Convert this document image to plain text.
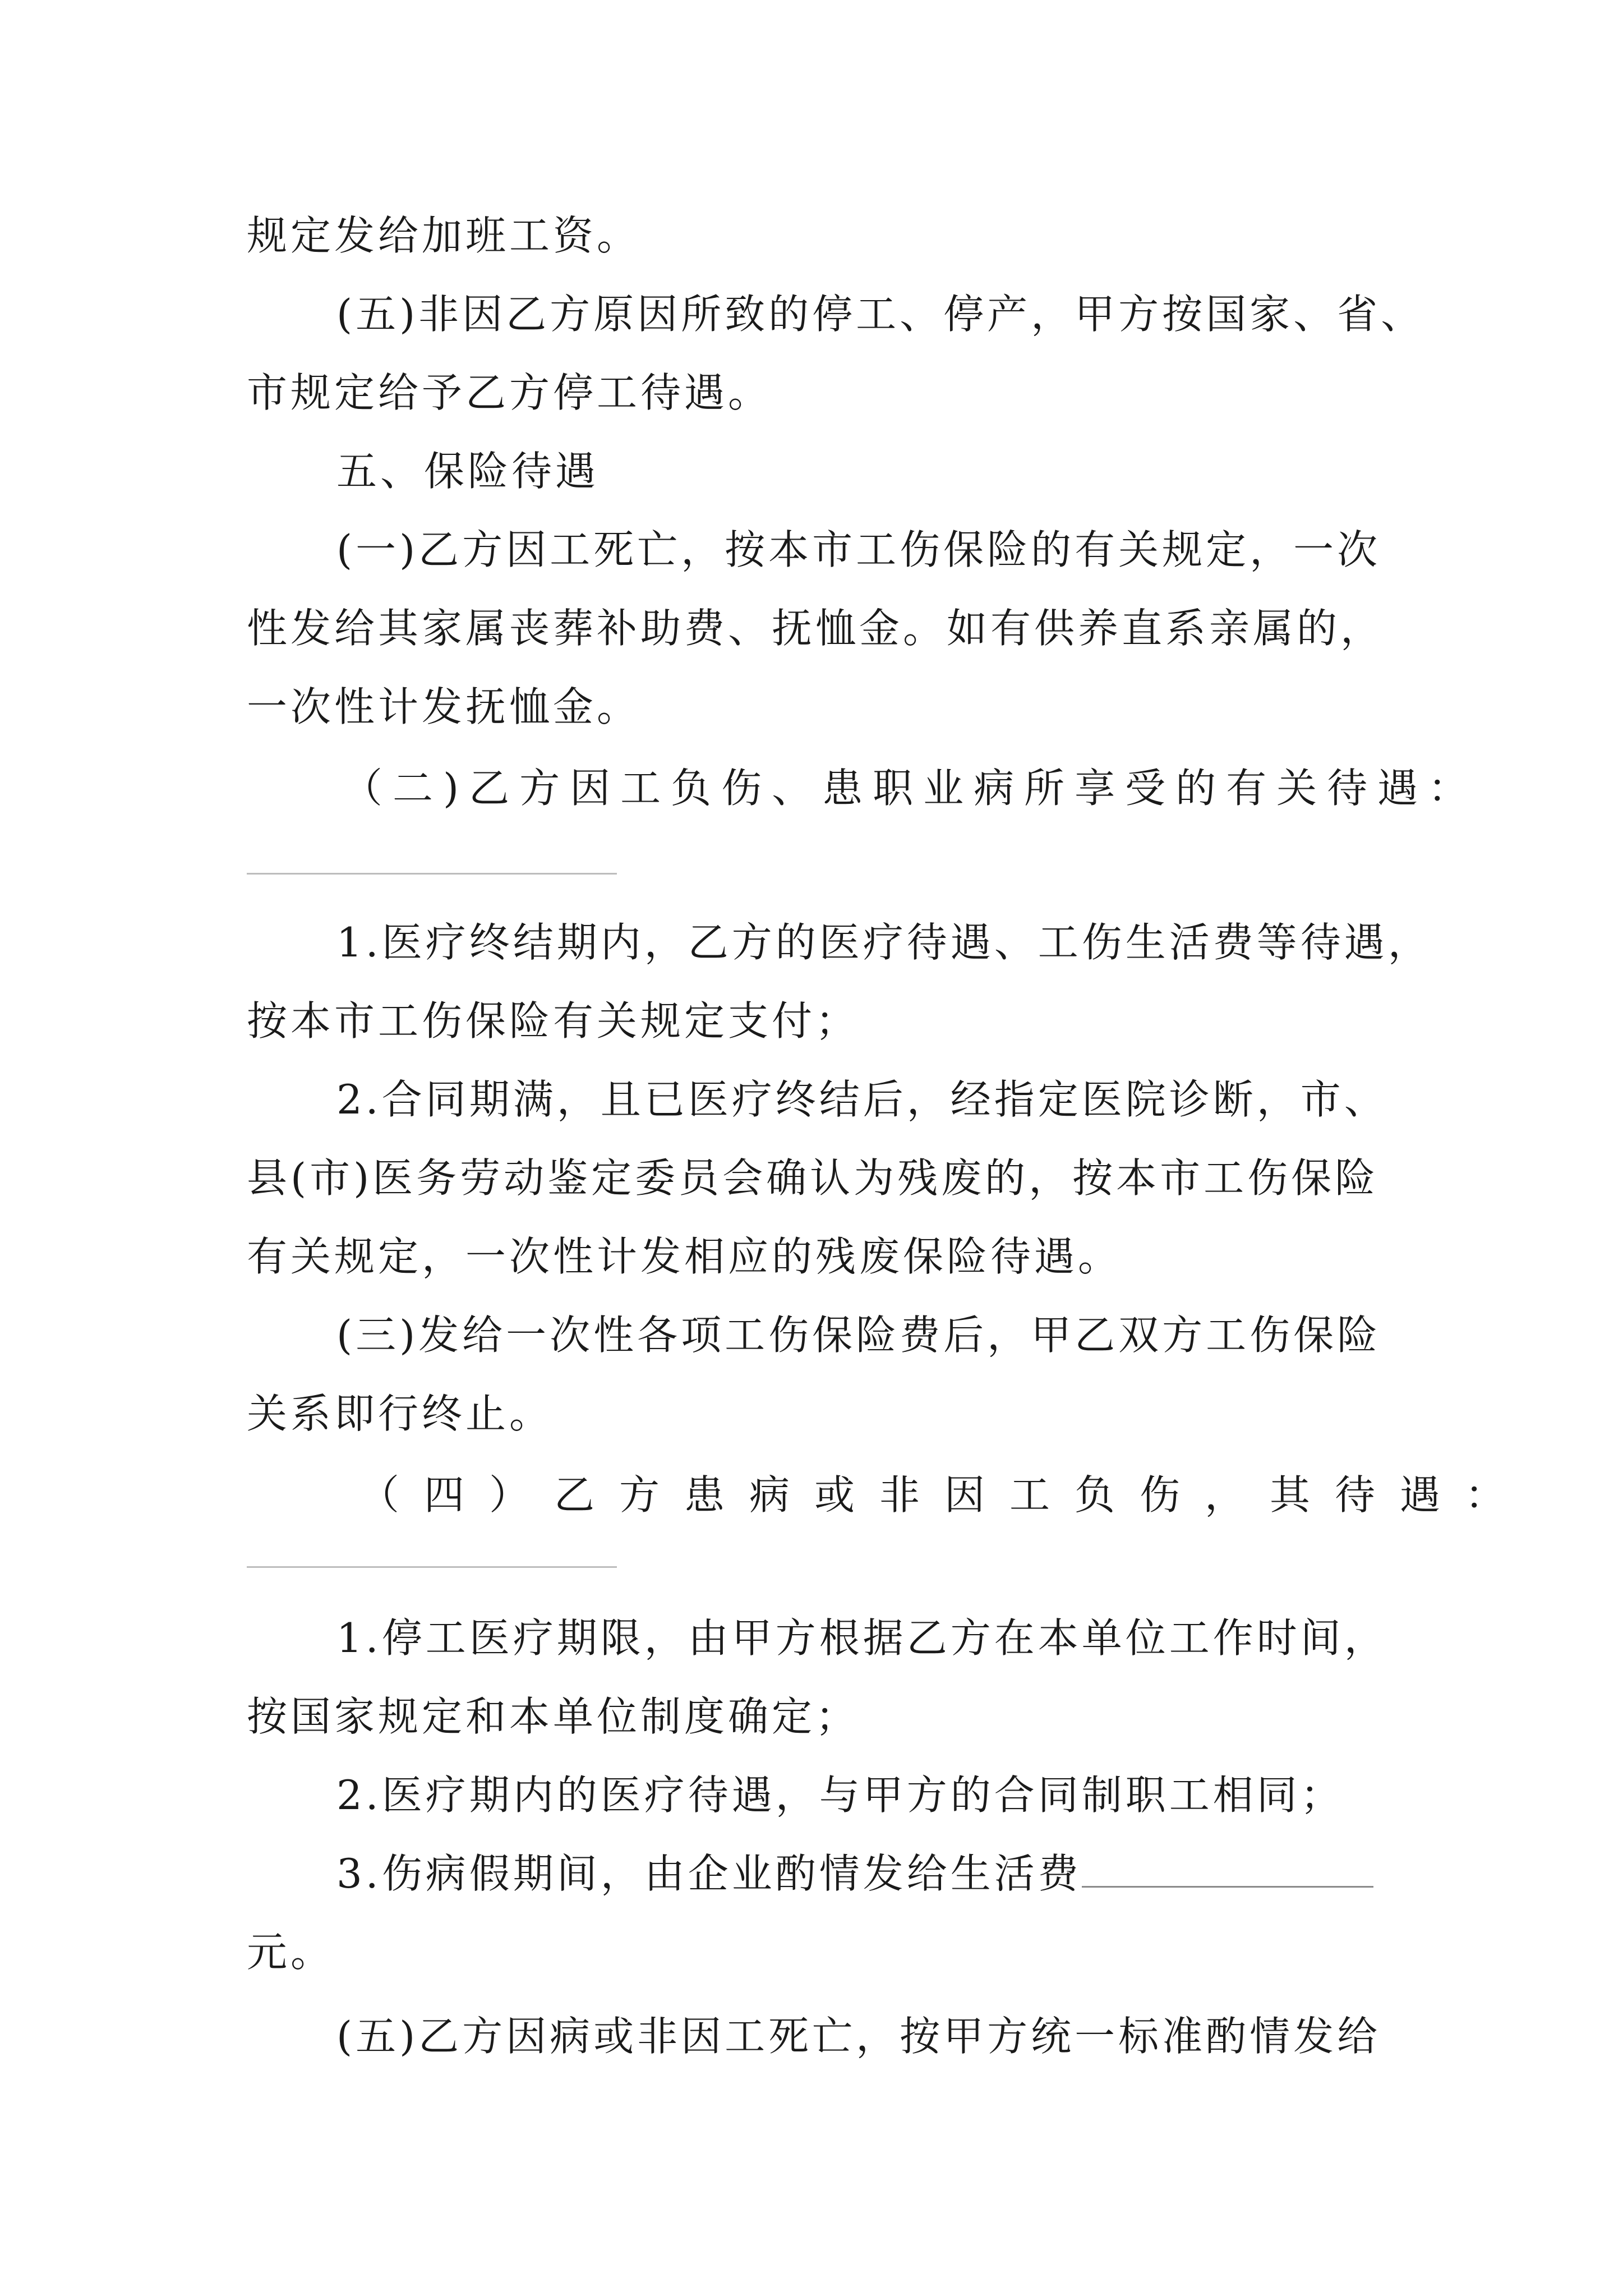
规定发给加班工资。
(五)非因乙方原因所致的停工、停产，甲方按国家、省、
市规定给予乙方停工待遇。
五、保险待遇
(一)乙方因工死亡，按本市工伤保险的有关规定，一次
性发给其家属丧葬补助费、抚恤金。如有供养直系亲属的，
一次性计发抚恤金。
（二)乙方因工负伤、患职业病所享受的有关待遇：
1.医疗终结期内，乙方的医疗待遇、工伤生活费等待遇，
按本市工伤保险有关规定支付；
2.合同期满，且已医疗终结后，经指定医院诊断，市、
县(市)医务劳动鉴定委员会确认为残废的，按本市工伤保险
有关规定，一次性计发相应的残废保险待遇。
(三)发给一次性各项工伤保险费后，甲乙双方工伤保险
关系即行终止。
（四）乙方患病或非因工负伤，其待遇：
1.停工医疗期限，由甲方根据乙方在本单位工作时间，
按国家规定和本单位制度确定；
2.医疗期内的医疗待遇，与甲方的合同制职工相同；
3.伤病假期间，由企业酌情发给生活费
元。
(五)乙方因病或非因工死亡，按甲方统一标准酌情发给
